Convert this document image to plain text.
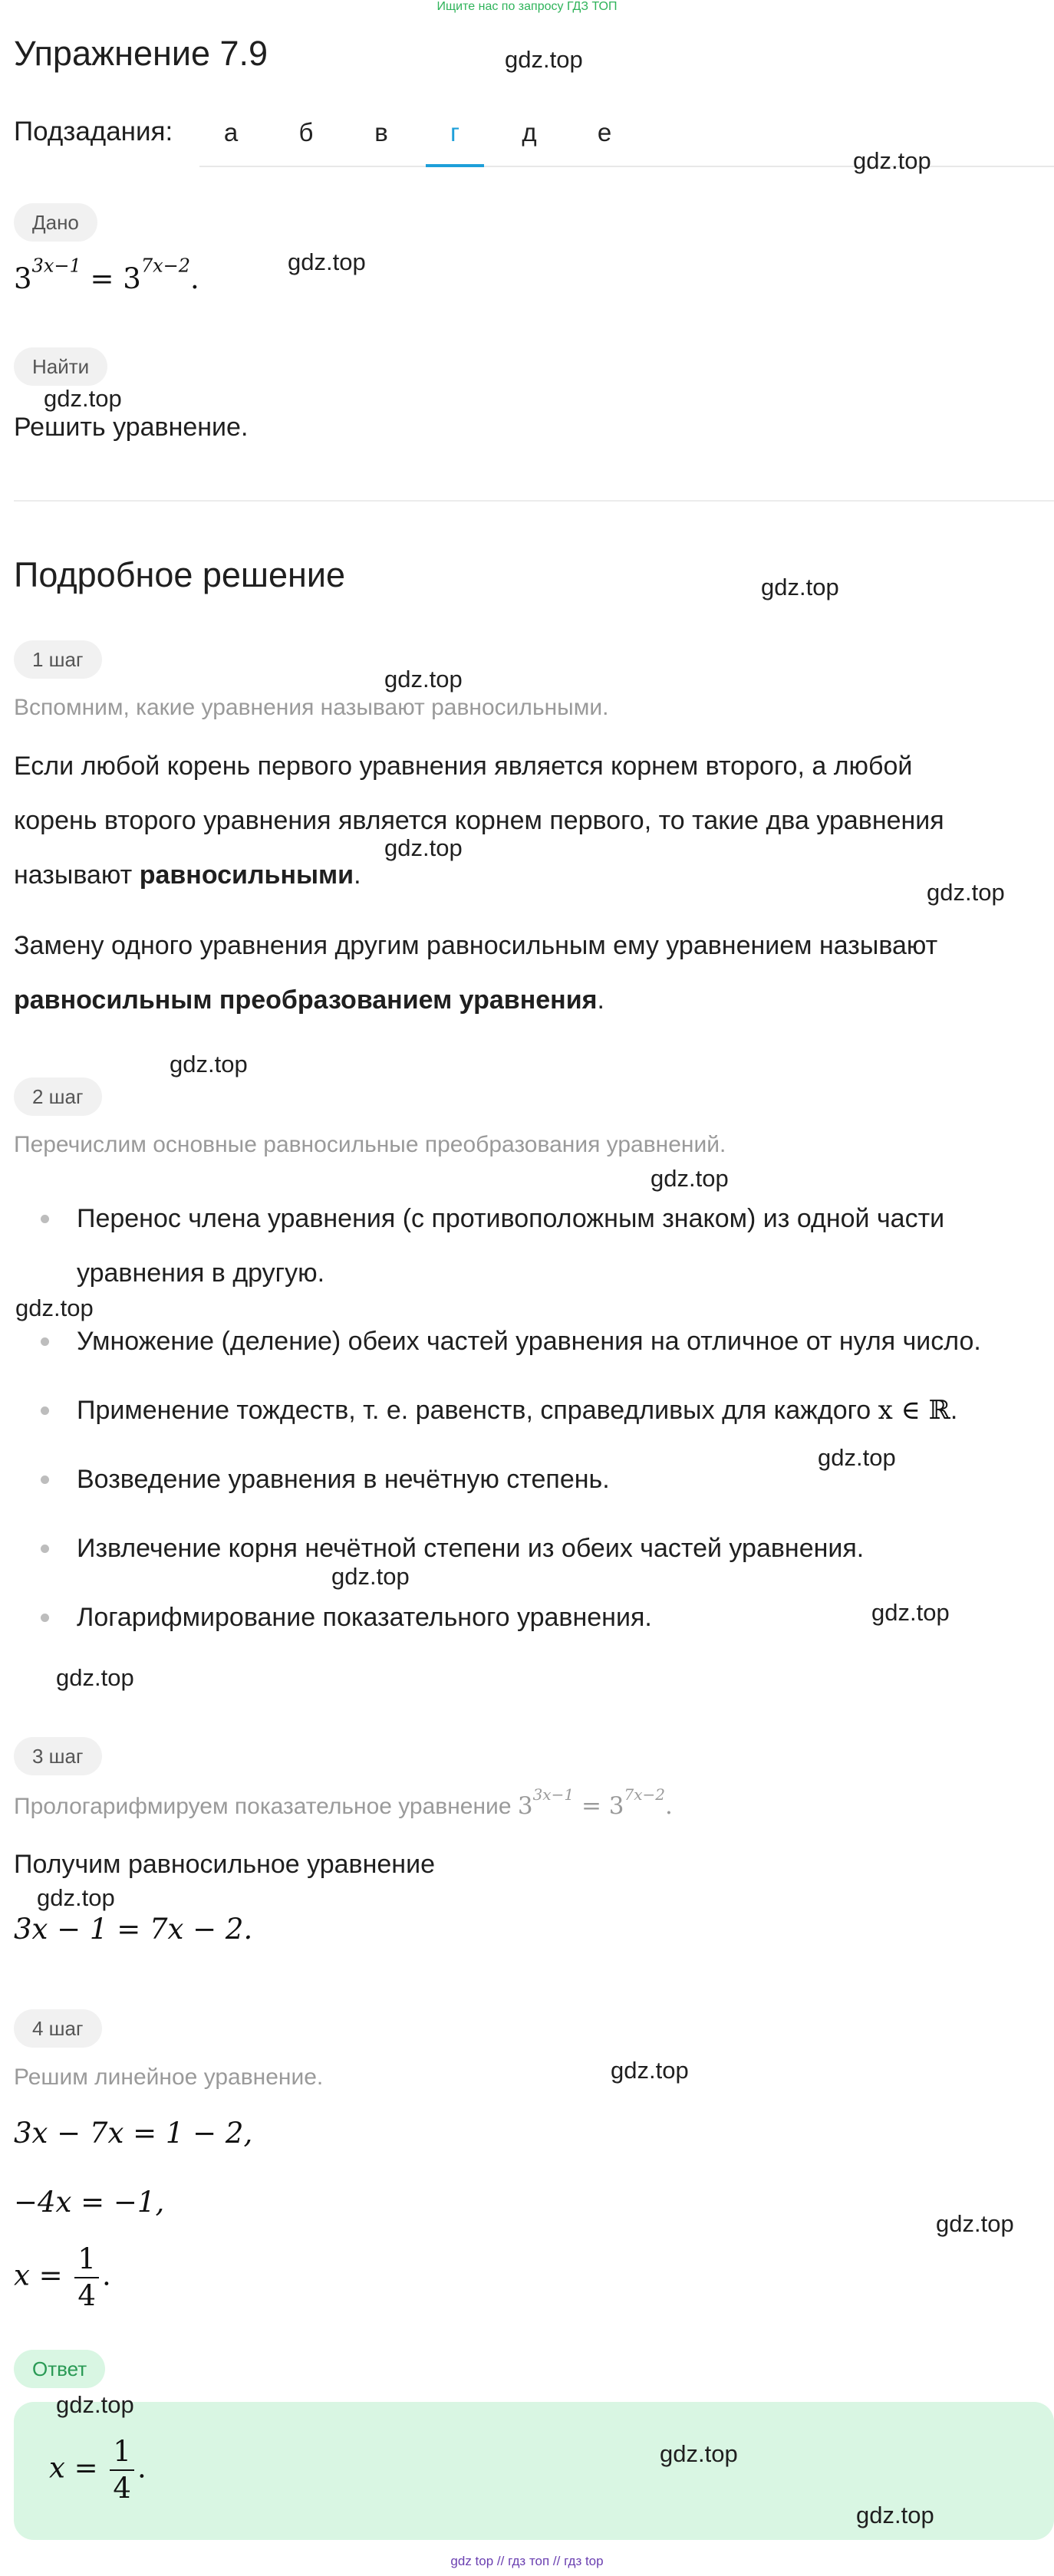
Ищите нас по запросу ГДЗ ТОП
Упражнение 7.9
Подзадания:	а	б	в	г	д	е
Дано
$3^{3x-1} = 3^{7x-2}$.
Найти
Решить уравнение.
Подробное решение
1 шаг
Вспомним, какие уравнения называют равносильными.
Если любой корень первого уравнения является корнем второго, а любой
корень второго уравнения является корнем первого, то такие два уравнения
называют равносильными.
Замену одного уравнения другим равносильным ему уравнением называют
равносильным преобразованием уравнения.
2 шаг
Перечислим основные равносильные преобразования уравнений.
Перенос члена уравнения (с противоположным знаком) из одной части
уравнения в другую.
Умножение (деление) обеих частей уравнения на отличное от нуля число.
Применение тождеств, т. е. равенств, справедливых для каждого x ∈ ℝ.
Возведение уравнения в нечётную степень.
Извлечение корня нечётной степени из обеих частей уравнения.
Логарифмирование показательного уравнения.
3 шаг
Прологарифмируем показательное уравнение $3^{3x-1} = 3^{7x-2}$.
Получим равносильное уравнение
3x − 1 = 7x − 2.
4 шаг
Решим линейное уравнение.
3x − 7x = 1 − 2,
−4x = −1,
$x = \frac{1}{4}$ .
Ответ
$x = \frac{1}{4}$ .
gdz.top
gdz.top
gdz.top
gdz.top
gdz.top
gdz.top
gdz.top
gdz.top
gdz.top
gdz.top
gdz.top
gdz.top
gdz.top
gdz.top
gdz.top
gdz.top
gdz.top
gdz.top
gdz.top
gdz.top
gdz.top
gdz top // гдз топ // гдз top
